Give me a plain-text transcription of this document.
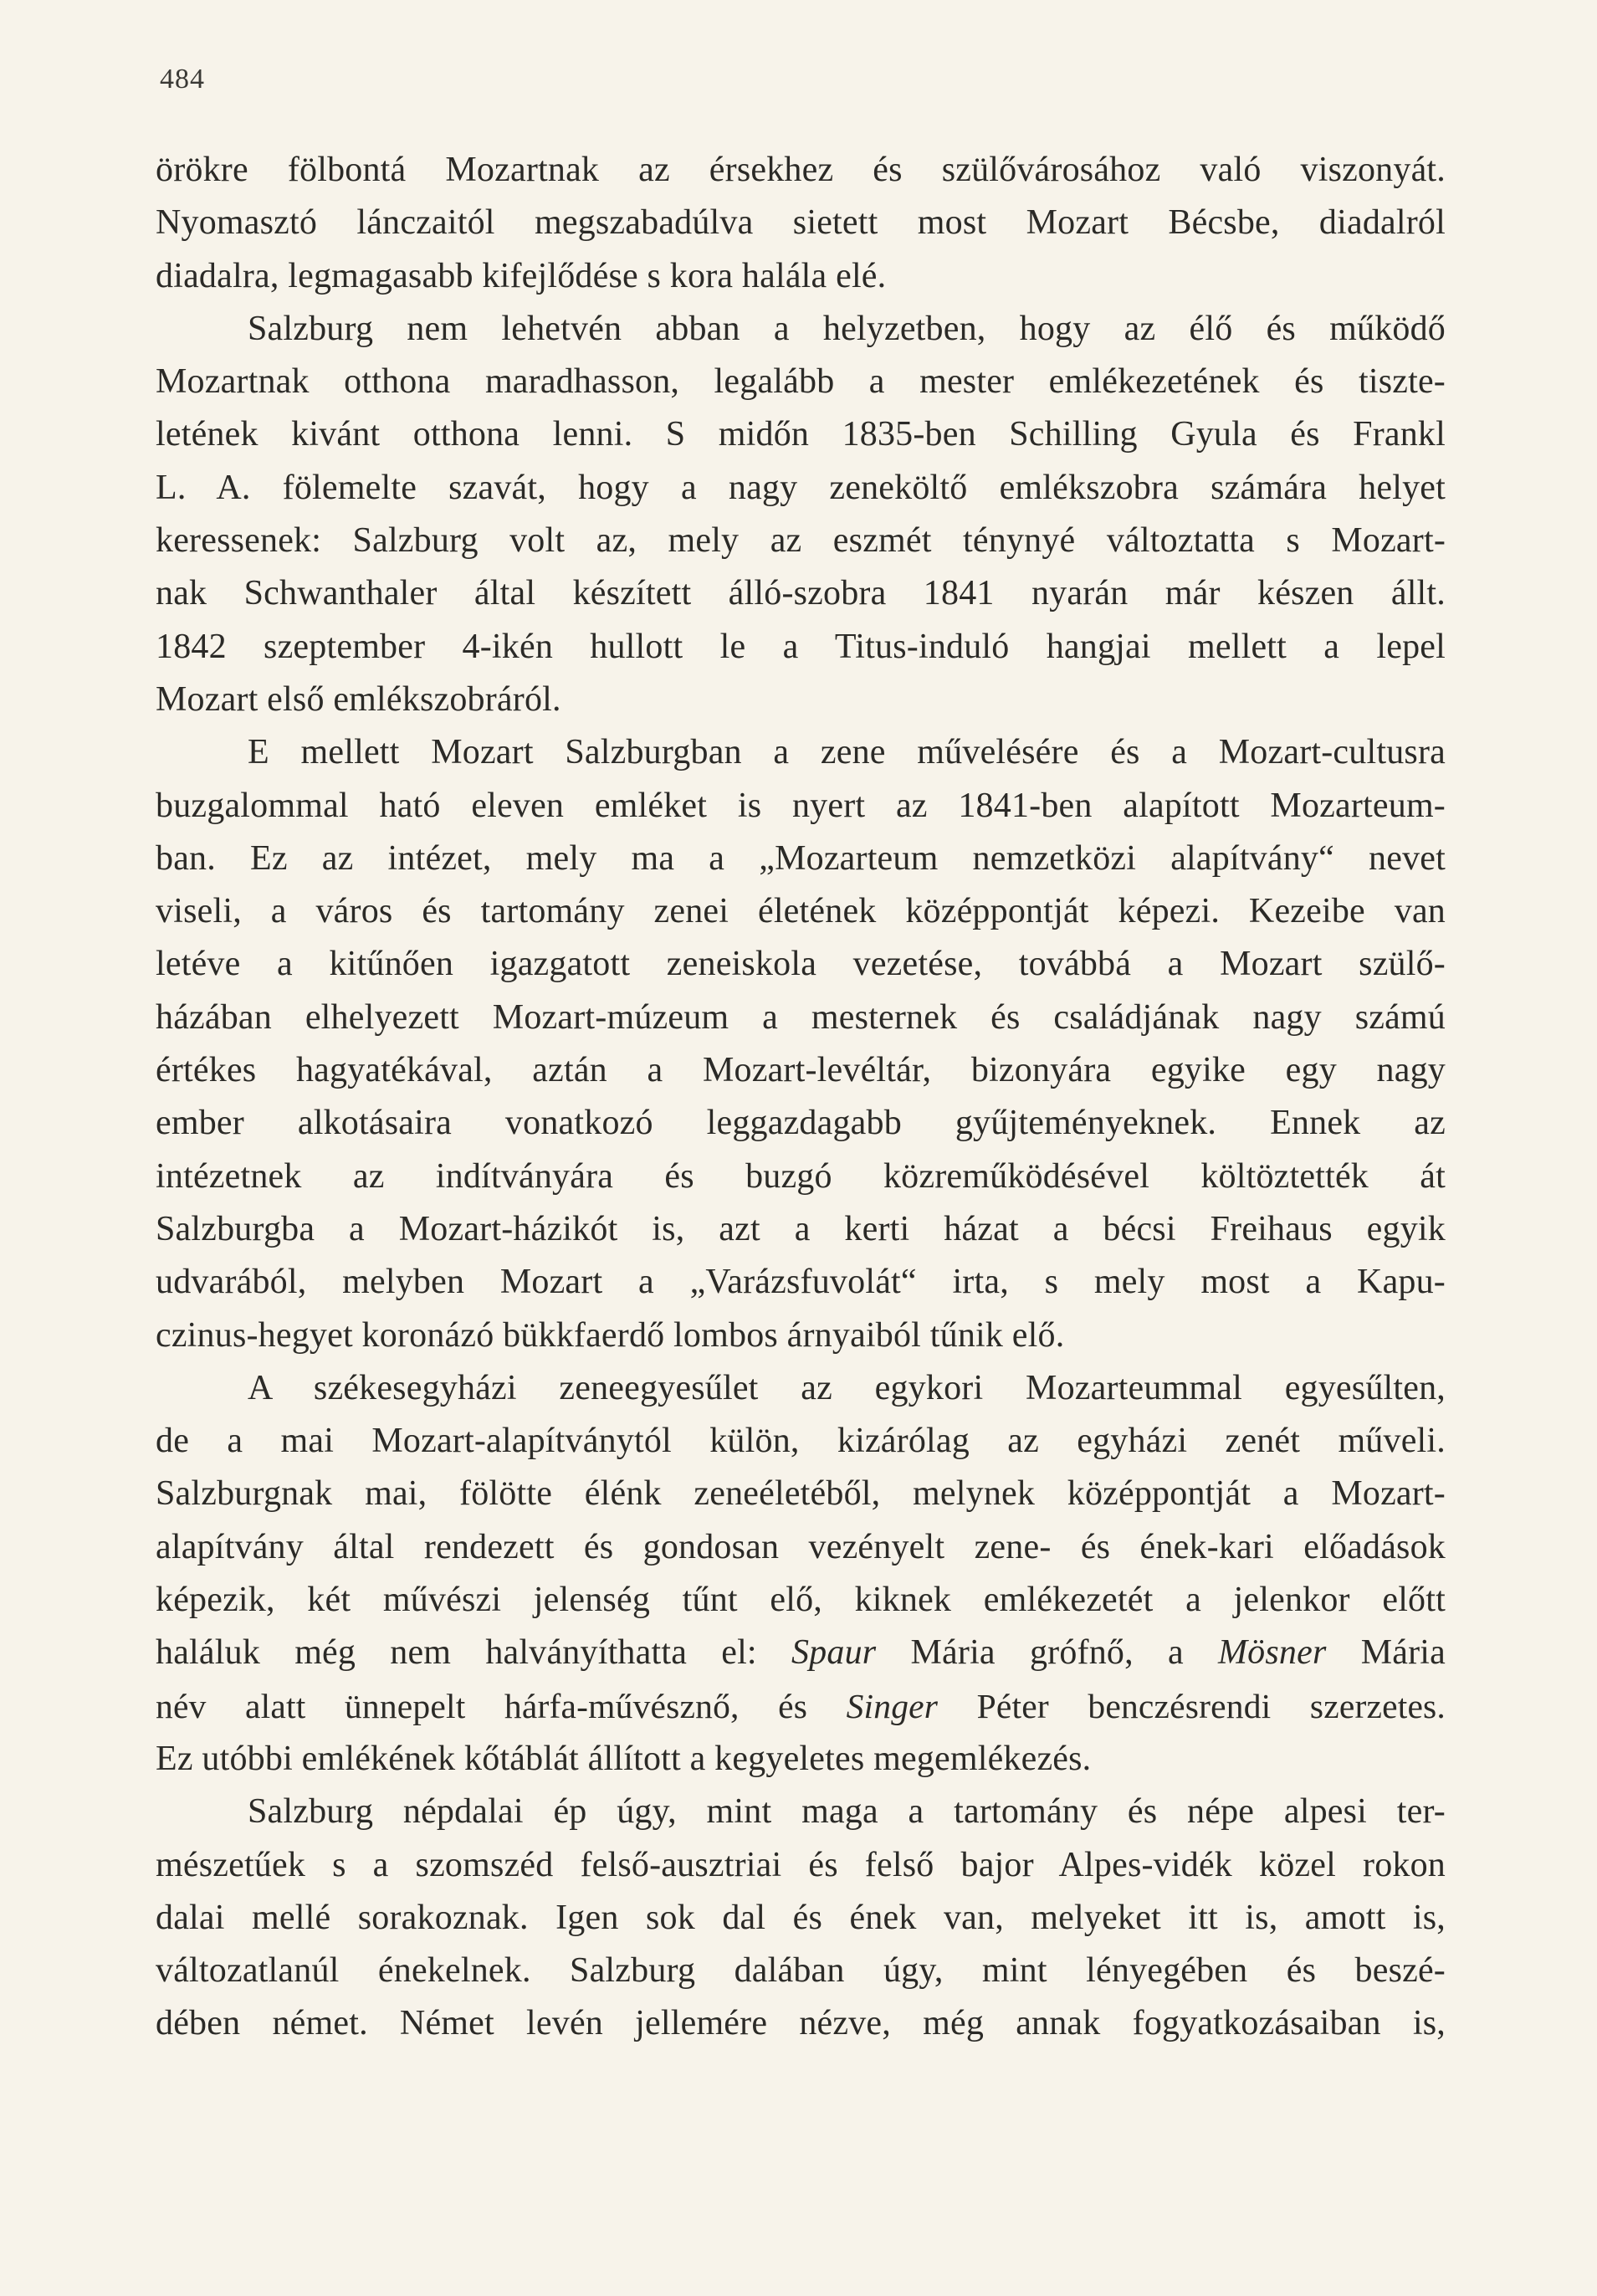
484
örökre fölbontá Mozartnak az érsekhez és szülővárosához való viszonyát.
Nyomasztó lánczaitól megszabadúlva sietett most Mozart Bécsbe, diadalról
diadalra, legmagasabb kifejlődése s kora halála elé.
Salzburg nem lehetvén abban a helyzetben, hogy az élő és működő
Mozartnak otthona maradhasson, legalább a mester emlékezetének és tiszte-
letének kivánt otthona lenni. S midőn 1835-ben Schilling Gyula és Frankl
L. A. fölemelte szavát, hogy a nagy zeneköltő emlékszobra számára helyet
keressenek: Salzburg volt az, mely az eszmét ténynyé változtatta s Mozart-
nak Schwanthaler által készített álló-szobra 1841 nyarán már készen állt.
1842 szeptember 4-ikén hullott le a Titus-induló hangjai mellett a lepel
Mozart első emlékszobráról.
E mellett Mozart Salzburgban a zene művelésére és a Mozart-cultusra
buzgalommal ható eleven emléket is nyert az 1841-ben alapított Mozarteum-
ban. Ez az intézet, mely ma a „Mozarteum nemzetközi alapítvány“ nevet
viseli, a város és tartomány zenei életének középpontját képezi. Kezeibe van
letéve a kitűnően igazgatott zeneiskola vezetése, továbbá a Mozart szülő-
házában elhelyezett Mozart-múzeum a mesternek és családjának nagy számú
értékes hagyatékával, aztán a Mozart-levéltár, bizonyára egyike egy nagy
ember alkotásaira vonatkozó leggazdagabb gyűjteményeknek. Ennek az
intézetnek az indítványára és buzgó közreműködésével költöztették át
Salzburgba a Mozart-házikót is, azt a kerti házat a bécsi Freihaus egyik
udvarából, melyben Mozart a „Varázsfuvolát“ irta, s mely most a Kapu-
czinus-hegyet koronázó bükkfaerdő lombos árnyaiból tűnik elő.
A székesegyházi zeneegyesűlet az egykori Mozarteummal egyesűlten,
de a mai Mozart-alapítványtól külön, kizárólag az egyházi zenét műveli.
Salzburgnak mai, fölötte élénk zeneéletéből, melynek középpontját a Mozart-
alapítvány által rendezett és gondosan vezényelt zene- és ének-kari előadások
képezik, két művészi jelenség tűnt elő, kiknek emlékezetét a jelenkor előtt
haláluk még nem halványíthatta el: Spaur Mária grófnő, a Mösner Mária
név alatt ünnepelt hárfa-művésznő, és Singer Péter benczésrendi szerzetes.
Ez utóbbi emlékének kőtáblát állított a kegyeletes megemlékezés.
Salzburg népdalai ép úgy, mint maga a tartomány és népe alpesi ter-
mészetűek s a szomszéd felső-ausztriai és felső bajor Alpes-vidék közel rokon
dalai mellé sorakoznak. Igen sok dal és ének van, melyeket itt is, amott is,
változatlanúl énekelnek. Salzburg dalában úgy, mint lényegében és beszé-
dében német. Német levén jellemére nézve, még annak fogyatkozásaiban is,
